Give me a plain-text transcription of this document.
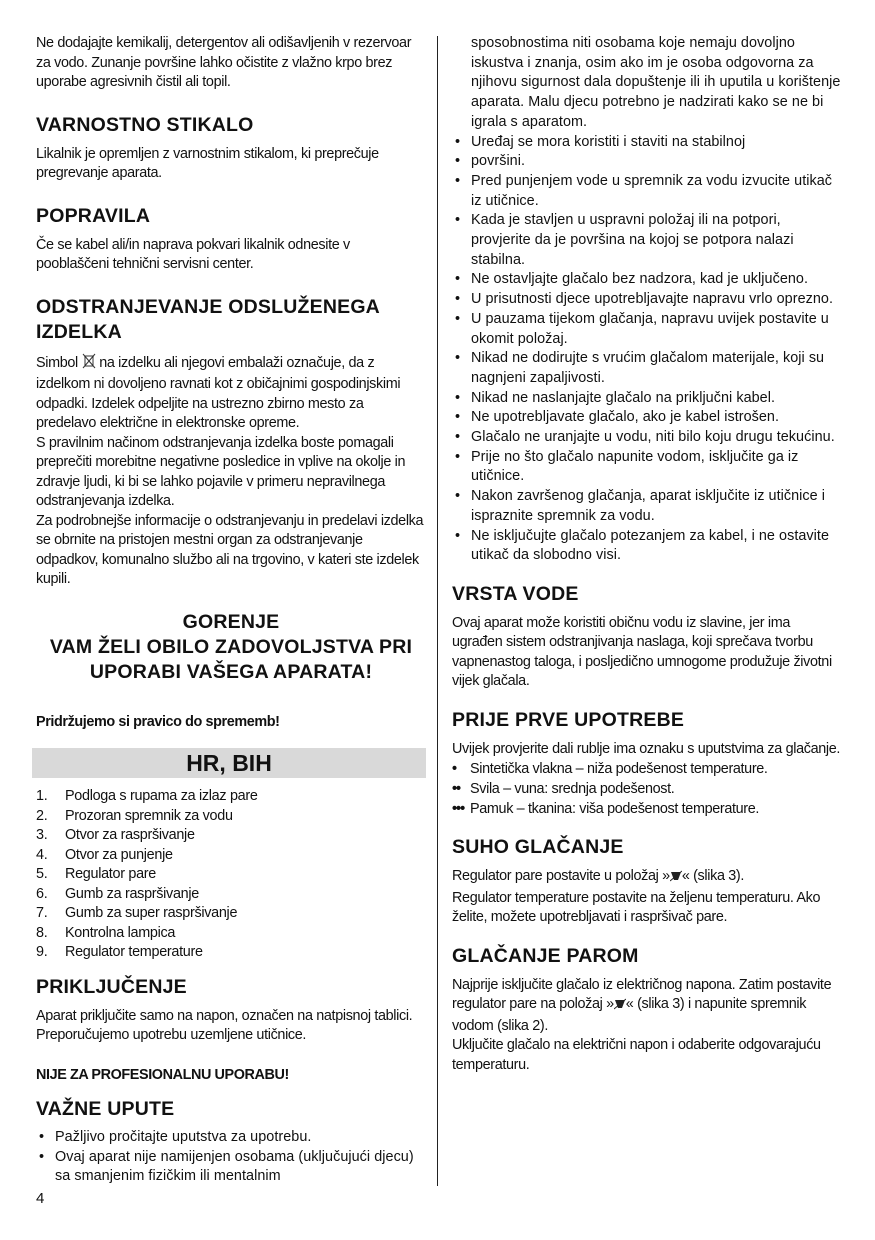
Ne dodajajte kemikalij, detergentov ali odišavljenih v rezervoar za vodo. Zunanje površine lahko očistite z vlažno krpo brez uporabe agresivnih čistil ali topil.

VARNOSTNO STIKALO

Likalnik je opremljen z varnostnim stikalom, ki preprečuje pregrevanje aparata.

POPRAVILA

Če se kabel ali/in naprava pokvari likalnik odnesite v pooblaščeni tehnični servisni center.

ODSTRANJEVANJE ODSLUŽENEGA IZDELKA

Simbol na izdelku ali njegovi embalaži označuje, da z izdelkom ni dovoljeno ravnati kot z običajnimi gospodinjskimi odpadki. Izdelek odpeljite na ustrezno zbirno mesto za predelavo električne in elektronske opreme.

S pravilnim načinom odstranjevanja izdelka boste pomagali preprečiti morebitne negativne posledice in vplive na okolje in zdravje ljudi, ki bi se lahko pojavile v primeru nepravilnega odstranjevanja izdelka.

Za podrobnejše informacije o odstranjevanju in predelavi izdelka se obrnite na pristojen mestni organ za odstranjevanje odpadkov, komunalno službo ali na trgovino, v kateri ste izdelek kupili.

GORENJE
VAM ŽELI OBILO ZADOVOLJSTVA PRI
UPORABI VAŠEGA APARATA!
Pridržujemo si pravico do sprememb!
HR, BIH
1.	Podloga s rupama za izlaz pare
2.	Prozoran spremnik za vodu
3.	Otvor za raspršivanje
4.	Otvor za punjenje
5.	Regulator pare
6.	Gumb za raspršivanje
7.	Gumb za super raspršivanje
8.	Kontrolna lampica
9.	Regulator temperature
PRIKLJUČENJE

Aparat priključite samo na napon, označen na natpisnoj tablici. Preporučujemo upotrebu uzemljene utičnice.

NIJE ZA PROFESIONALNU UPORABU!
VAŽNE UPUTE
• Pažljivo pročitajte uputstva za upotrebu.
• Ovaj aparat nije namijenjen osobama (uključujući djecu) sa smanjenim fizičkim ili mentalnim
4

sposobnostima niti osobama koje nemaju dovoljno iskustva i znanja, osim ako im je osoba odgovorna za njihovu sigurnost dala dopuštenje ili ih uputila u korištenje aparata. Malu djecu potrebno je nadzirati kako se ne bi igrala s aparatom.

• Uređaj se mora koristiti i staviti na stabilnoj
• površini.
• Pred punjenjem vode u spremnik za vodu izvucite utikač iz utičnice.
• Kada je stavljen u uspravni položaj ili na potpori, provjerite da je površina na kojoj se potpora nalazi stabilna.
• Ne ostavljajte glačalo bez nadzora, kad je uključeno.
• U prisutnosti djece upotrebljavajte napravu vrlo oprezno.
• U pauzama tijekom glačanja, napravu uvijek postavite u okomit položaj.
• Nikad ne dodirujte s vrućim glačalom materijale, koji su nagnjeni zapaljivosti.
• Nikad ne naslanjajte glačalo na priključni kabel.
• Ne upotrebljavate glačalo, ako je kabel istrošen.
• Glačalo ne uranjajte u vodu, niti bilo koju drugu tekućinu.
• Prije no što glačalo napunite vodom, isključite ga iz utičnice.
• Nakon završenog glačanja, aparat isključite iz utičnice i ispraznite spremnik za vodu.
• Ne isključujte glačalo potezanjem za kabel, i ne ostavite utikač da slobodno visi.
VRSTA VODE

Ovaj aparat može koristiti običnu vodu iz slavine, jer ima ugrađen sistem odstranjivanja naslaga, koji sprečava tvorbu vapnenastog taloga, i posljedično umnogome produžuje životni vijek glačala.

PRIJE PRVE UPOTREBE

Uvijek provjerite dali rublje ima oznaku s uputstvima za glačanje.

• Sintetička vlakna – niža podešenost temperature.
•• Svila – vuna: srednja podešenost.
••• Pamuk – tkanina: viša podešenost temperature.
SUHO GLAČANJE

Regulator pare postavite u položaj » « (slika 3).

Regulator temperature postavite na željenu temperaturu. Ako želite, možete upotrebljavati i raspršivač pare.

GLAČANJE PAROM

Najprije isključite glačalo iz električnog napona. Zatim postavite regulator pare na položaj » « (slika 3) i napunite spremnik vodom (slika 2).

Uključite glačalo na električni napon i odaberite odgovarajuću temperaturu.
